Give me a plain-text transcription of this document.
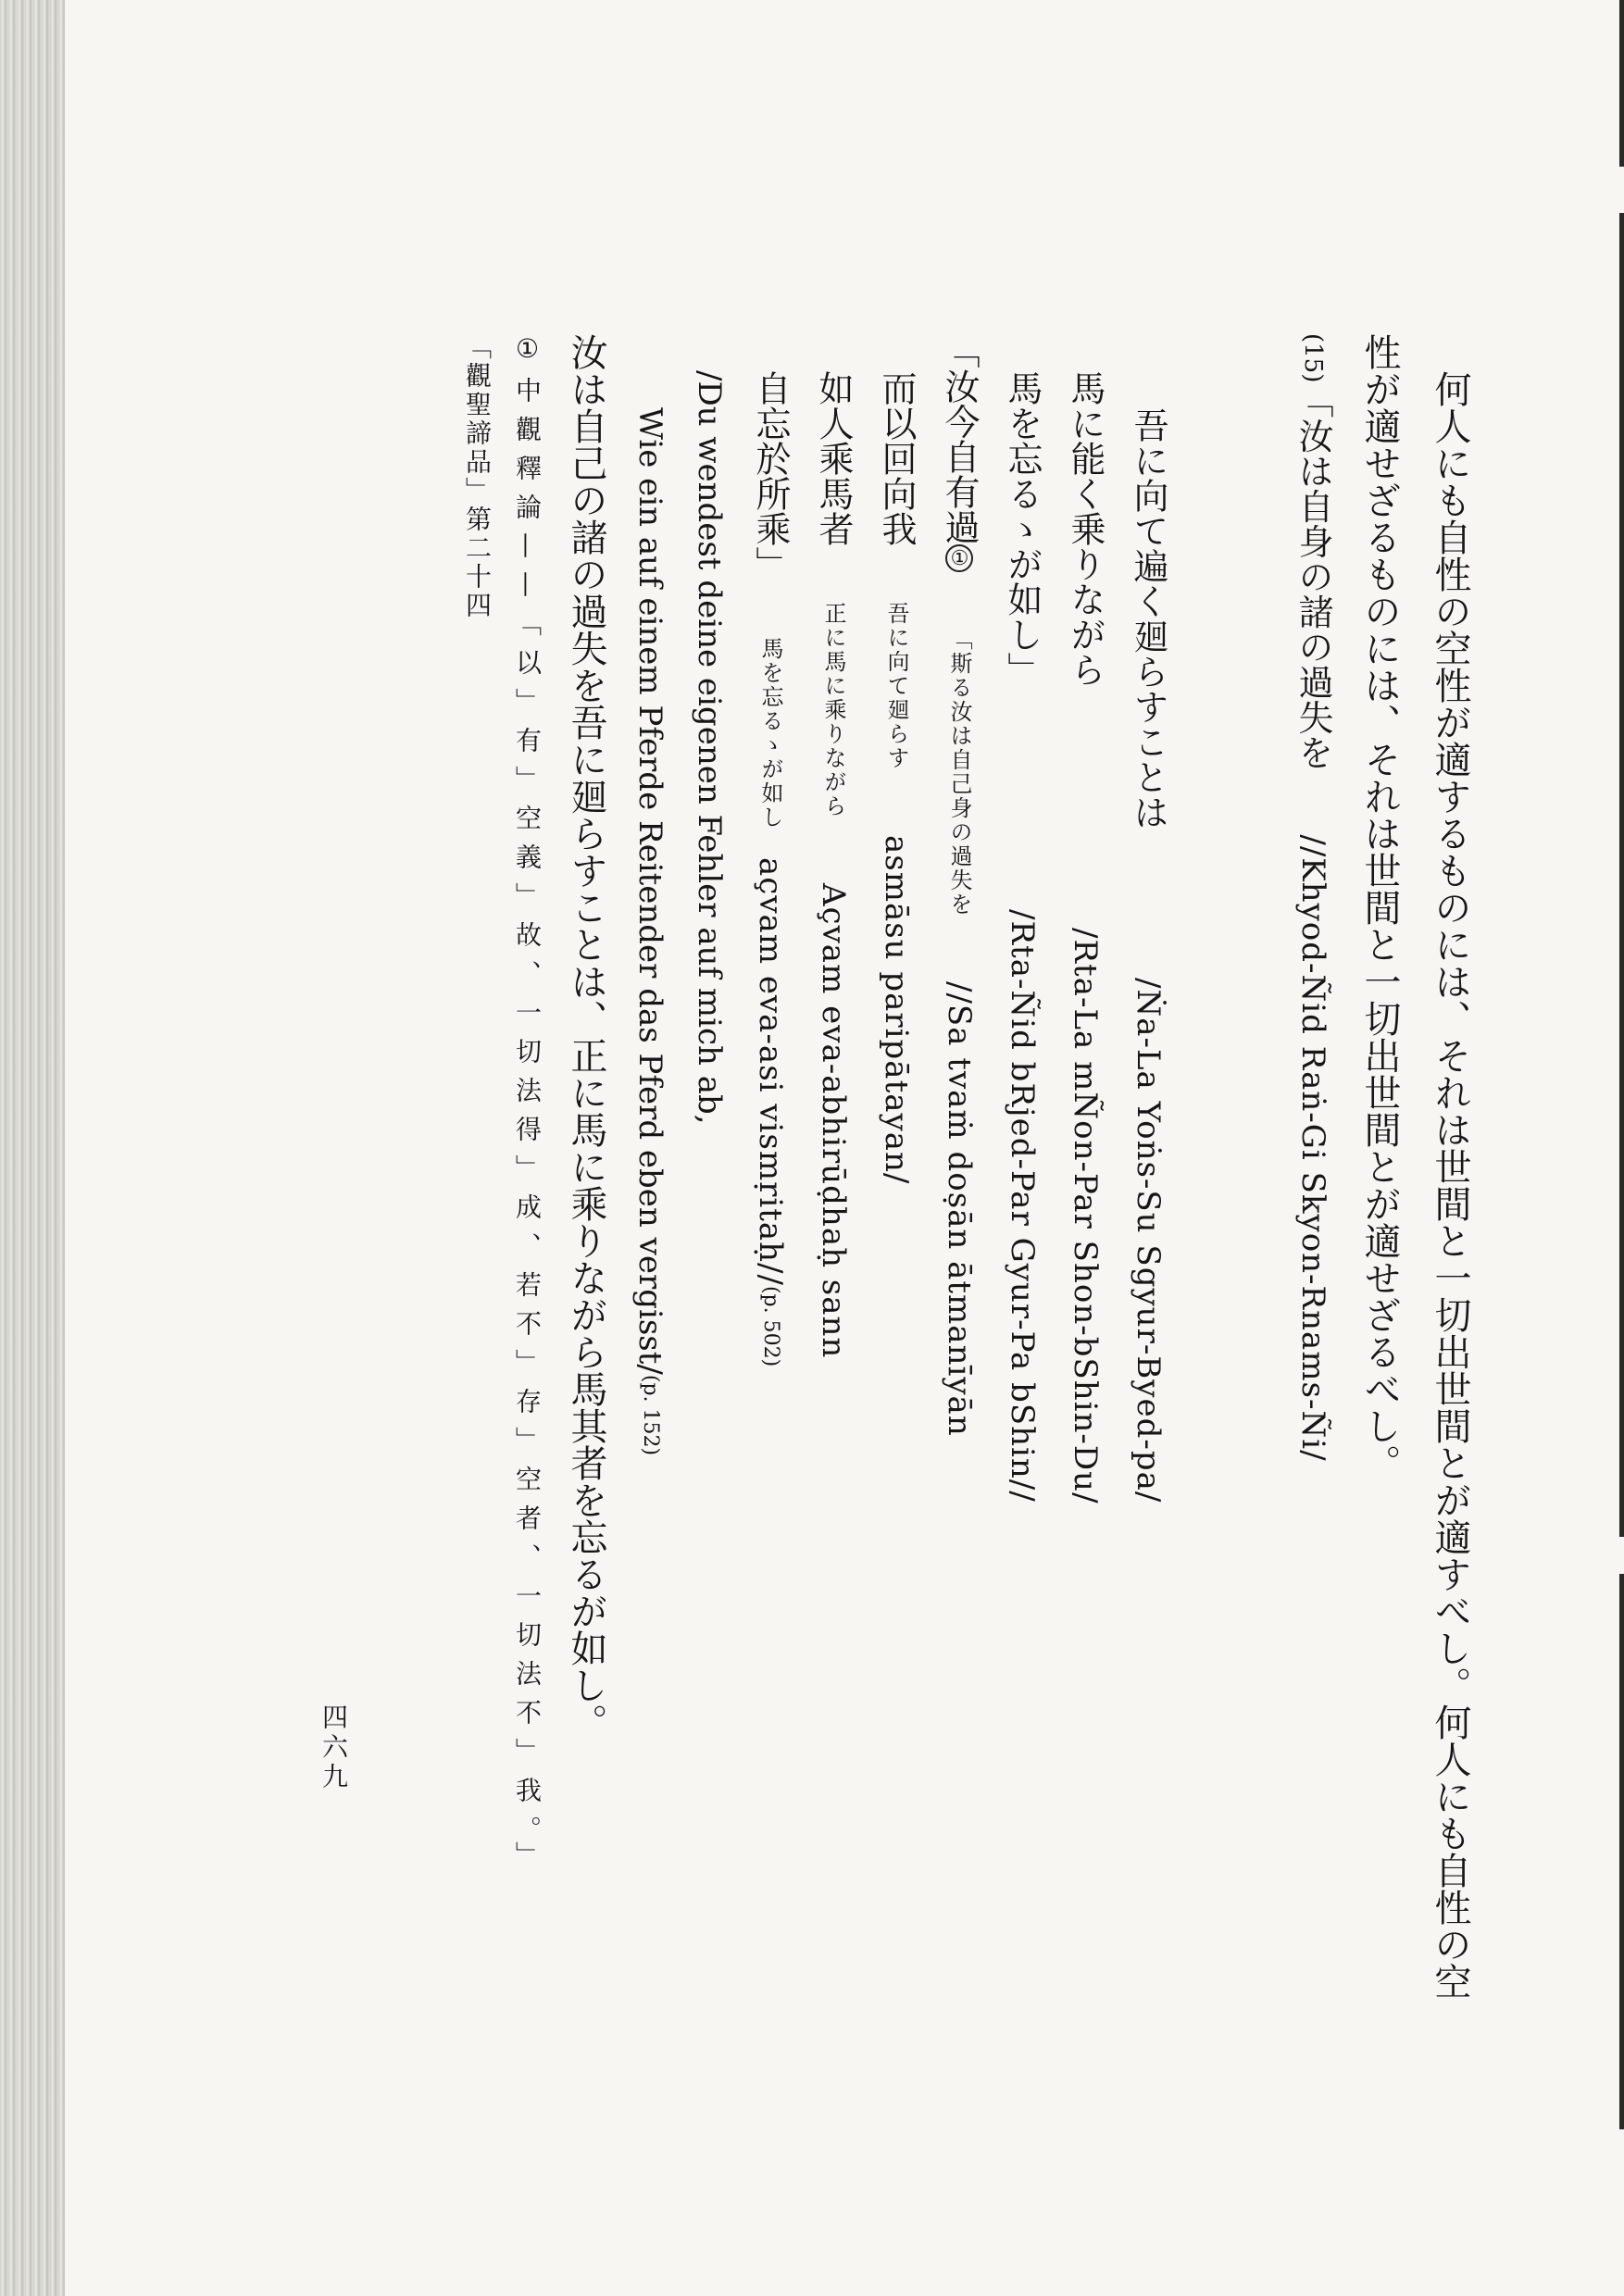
何人にも自性の空性が適するものには、それは世間と一切出世間とが適すべし。何人にも自性の空
性が適せざるものには、それは世間と一切出世間とが適せざるべし。
(15)「汝は自身の諸の過失を//Khyod-Ñid Raṅ-Gi Skyon-Rnams-Ñi/
吾に向て遍く廻らすことは/Ṅa-La Yoṅs-Su Sgyur-Byed-pa/
馬に能く乗りながら/Rta-La mÑon-Par Shon-bShin-Du/
馬を忘るゝが如し」/Rta-Ñid bRjed-Par Gyur-Pa bShin//
「汝今自有過①「斯る汝は自己身の過失を//Sa tvaṁ doṣān ātmanīyān
而以回向我吾に向て廻らすasmāsu paripātayan/
如人乘馬者正に馬に乘りながらAçvam eva-abhirūḍhaḥ sann
自忘於所乘」馬を忘るゝが如しaçvam eva-asi vismṛitaḥ//(p. 502)
/Du wendest deine eigenen Fehler auf mich ab,
Wie ein auf einem Pferde Reitender das Pferd eben vergisst/(p. 152)
汝は自己の諸の過失を吾に廻らすことは、正に馬に乘りながら馬其者を忘るが如し。
①中觀釋論——「以」有」空義」故、一切法得」成、若不」存」空者、一切法不」我。」
「觀聖諦品」第二十四
四六九
